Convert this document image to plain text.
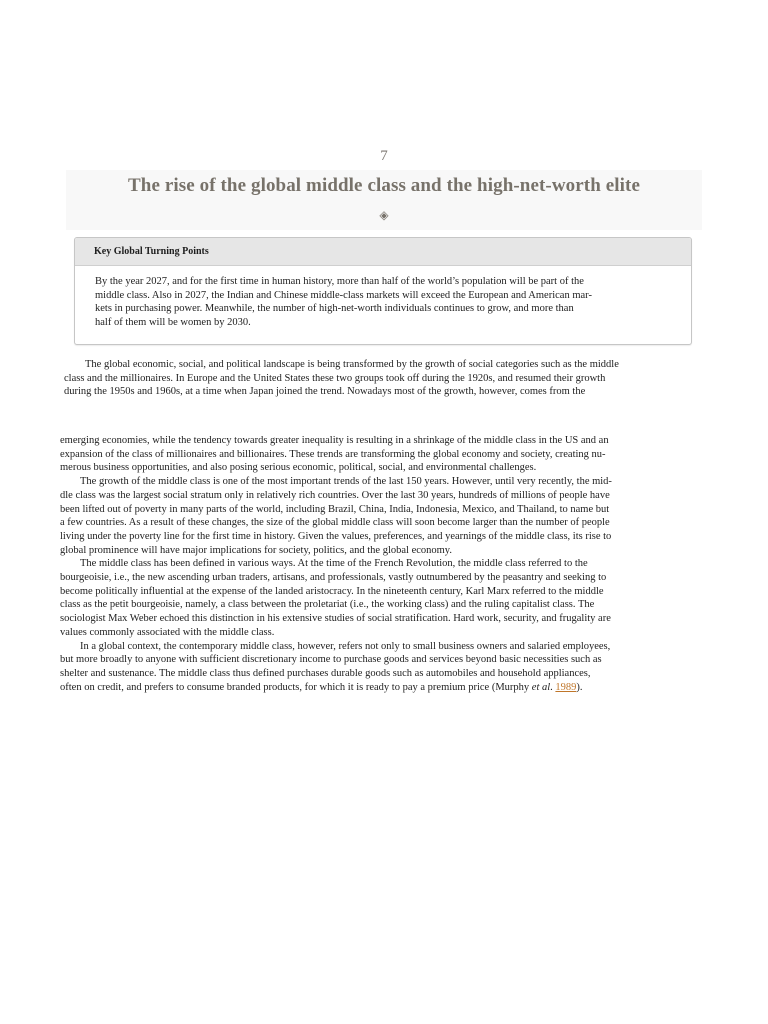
7
The rise of the global middle class and the high-net-worth elite
◈
Key Global Turning Points
By the year 2027, and for the first time in human history, more than half of the world’s population will be part of the
middle class. Also in 2027, the Indian and Chinese middle-class markets will exceed the European and American mar-
kets in purchasing power. Meanwhile, the number of high-net-worth individuals continues to grow, and more than
half of them will be women by 2030.
The global economic, social, and political landscape is being transformed by the growth of social categories such as the middle
class and the millionaires. In Europe and the United States these two groups took off during the 1920s, and resumed their growth
during the 1950s and 1960s, at a time when Japan joined the trend. Nowadays most of the growth, however, comes from the
emerging economies, while the tendency towards greater inequality is resulting in a shrinkage of the middle class in the US and an
expansion of the class of millionaires and billionaires. These trends are transforming the global economy and society, creating nu-
merous business opportunities, and also posing serious economic, political, social, and environmental challenges.
The growth of the middle class is one of the most important trends of the last 150 years. However, until very recently, the mid-
dle class was the largest social stratum only in relatively rich countries. Over the last 30 years, hundreds of millions of people have
been lifted out of poverty in many parts of the world, including Brazil, China, India, Indonesia, Mexico, and Thailand, to name but
a few countries. As a result of these changes, the size of the global middle class will soon become larger than the number of people
living under the poverty line for the first time in history. Given the values, preferences, and yearnings of the middle class, its rise to
global prominence will have major implications for society, politics, and the global economy.
The middle class has been defined in various ways. At the time of the French Revolution, the middle class referred to the
bourgeoisie, i.e., the new ascending urban traders, artisans, and professionals, vastly outnumbered by the peasantry and seeking to
become politically influential at the expense of the landed aristocracy. In the nineteenth century, Karl Marx referred to the middle
class as the petit bourgeoisie, namely, a class between the proletariat (i.e., the working class) and the ruling capitalist class. The
sociologist Max Weber echoed this distinction in his extensive studies of social stratification. Hard work, security, and frugality are
values commonly associated with the middle class.
In a global context, the contemporary middle class, however, refers not only to small business owners and salaried employees,
but more broadly to anyone with sufficient discretionary income to purchase goods and services beyond basic necessities such as
shelter and sustenance. The middle class thus defined purchases durable goods such as automobiles and household appliances,
often on credit, and prefers to consume branded products, for which it is ready to pay a premium price (Murphy et al. 1989).
